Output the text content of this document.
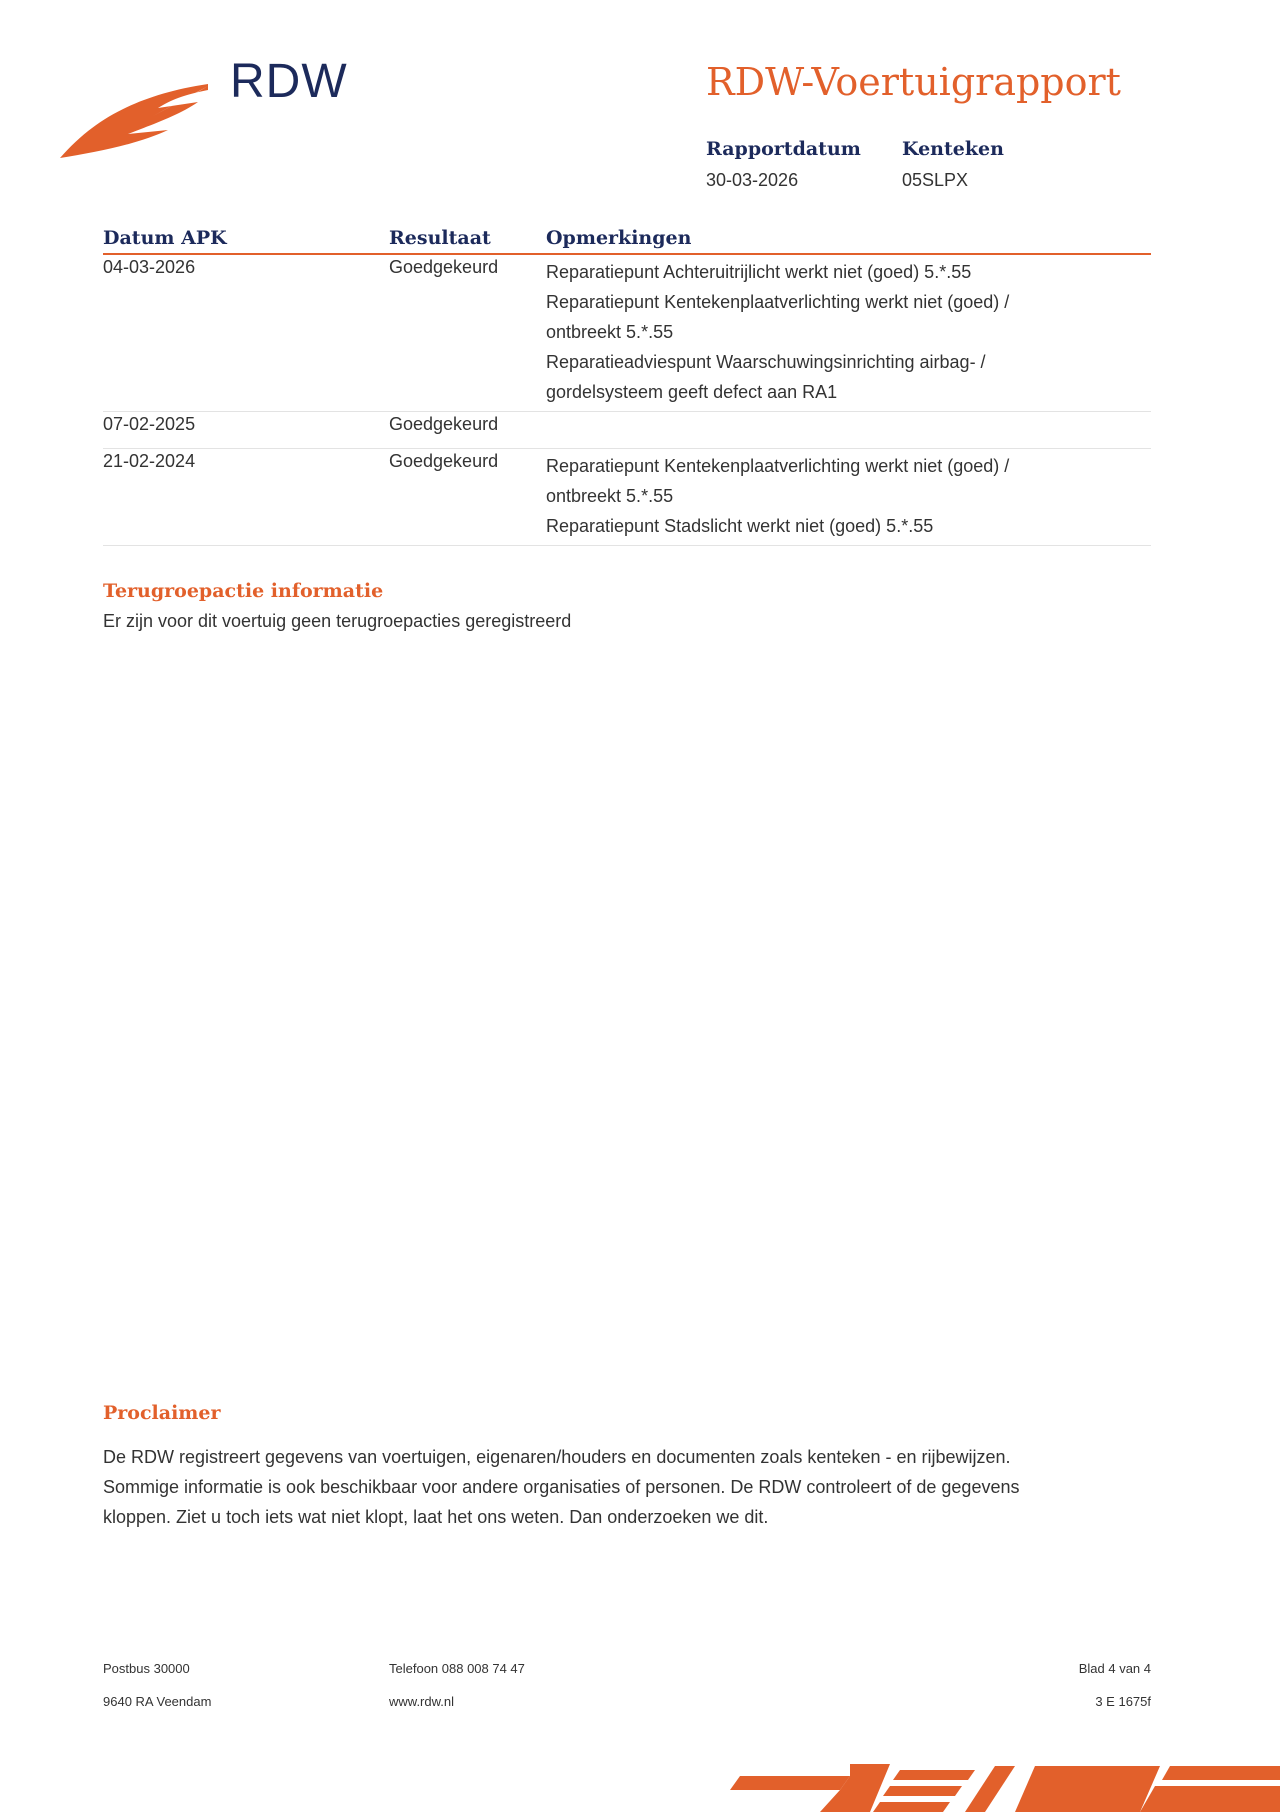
RDW	RDW-Voertuigrapport
Rapportdatum
30-03-2026
Kenteken
05SLPX
Datum APK	Resultaat	Opmerkingen
04-03-2026	Goedgekeurd	Reparatiepunt Achteruitrijlicht werkt niet (goed) 5.*.55
Reparatiepunt Kentekenplaatverlichting werkt niet (goed) /
ontbreekt 5.*.55
Reparatieadviespunt Waarschuwingsinrichting airbag- /
gordelsysteem geeft defect aan RA1
07-02-2025	Goedgekeurd
21-02-2024	Goedgekeurd	Reparatiepunt Kentekenplaatverlichting werkt niet (goed) /
ontbreekt 5.*.55
Reparatiepunt Stadslicht werkt niet (goed) 5.*.55
Terugroepactie informatie
Er zijn voor dit voertuig geen terugroepacties geregistreerd
Proclaimer
De RDW registreert gegevens van voertuigen, eigenaren/houders en documenten zoals kenteken - en rijbewijzen.
Sommige informatie is ook beschikbaar voor andere organisaties of personen. De RDW controleert of de gegevens
kloppen. Ziet u toch iets wat niet klopt, laat het ons weten. Dan onderzoeken we dit.
Postbus 30000
9640 RA Veendam
Telefoon 088 008 74 47
www.rdw.nl
Blad 4 van 4
3 E 1675f
